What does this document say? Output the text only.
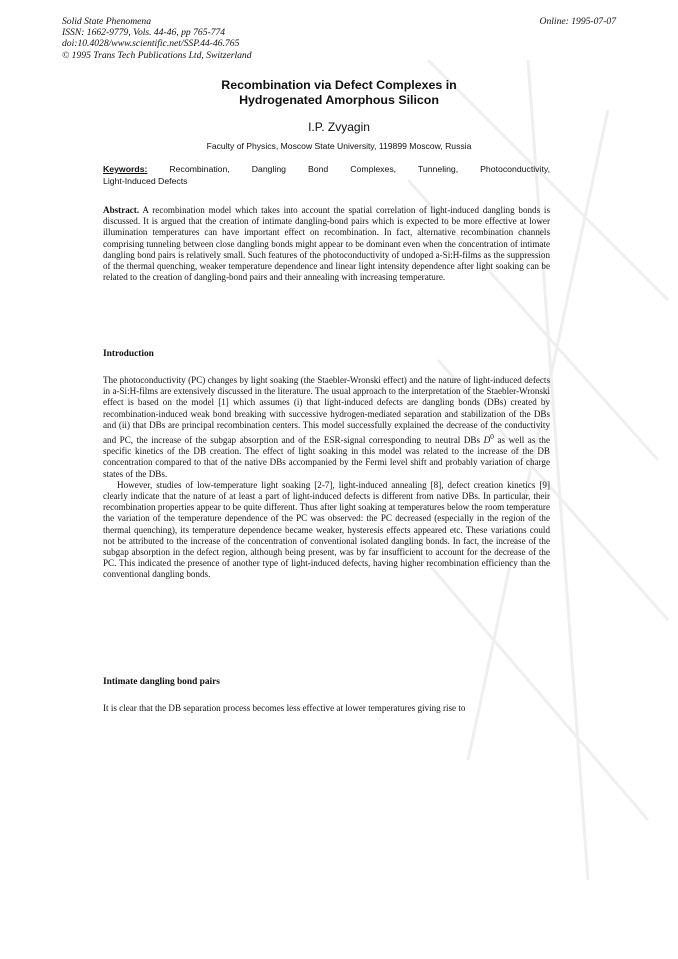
Solid State Phenomena
ISSN: 1662-9779, Vols. 44-46, pp 765-774
doi:10.4028/www.scientific.net/SSP.44-46.765
© 1995 Trans Tech Publications Ltd, Switzerland
Online: 1995-07-07
Recombination via Defect Complexes in
Hydrogenated Amorphous Silicon
I.P. Zvyagin
Faculty of Physics, Moscow State University, 119899 Moscow, Russia
Keywords:	Recombination, Dangling Bond Complexes, Tunneling, Photoconductivity,
Light-Induced Defects

Abstract. A recombination model which takes into account the spatial correlation of light-induced dangling bonds is discussed. It is argued that the creation of intimate dangling-bond pairs which is expected to be more effective at lower illumination temperatures can have important effect on recombination. In fact, alternative recombination channels comprising tunneling between close dangling bonds might appear to be dominant even when the concentration of intimate dangling bond pairs is relatively small. Such features of the photoconductivity of undoped a-Si:H-films as the suppression of the thermal quenching, weaker temperature dependence and linear light intensity dependence after light soaking can be related to the creation of dangling-bond pairs and their annealing with increasing temperature.

Introduction

The photoconductivity (PC) changes by light soaking (the Staebler-Wronski effect) and the nature of light-induced defects in a-Si:H-films are extensively discussed in the literature. The usual approach to the interpretation of the Staebler-Wronski effect is based on the model [1] which assumes (i) that light-induced defects are dangling bonds (DBs) created by recombination-induced weak bond breaking with successive hydrogen-mediated separation and stabilization of the DBs and (ii) that DBs are principal recombination centers. This model successfully explained the decrease of the conductivity and PC, the increase of the subgap absorption and of the ESR-signal corresponding to neutral DBs $D^0$ as well as the specific kinetics of the DB creation. The effect of light soaking in this model was related to the increase of the DB concentration compared to that of the native DBs accompanied by the Fermi level shift and probably variation of charge states of the DBs.

However, studies of low-temperature light soaking [2-7], light-induced annealing [8], defect creation kinetics [9] clearly indicate that the nature of at least a part of light-induced defects is different from native DBs. In particular, their recombination properties appear to be quite different. Thus after light soaking at temperatures below the room temperature the variation of the temperature dependence of the PC was observed: the PC decreased (especially in the region of the thermal quenching), its temperature dependence became weaker, hysteresis effects appeared etc. These variations could not be attributed to the increase of the concentration of conventional isolated dangling bonds. In fact, the increase of the subgap absorption in the defect region, although being present, was by far insufficient to account for the decrease of the PC. This indicated the presence of another type of light-induced defects, having higher recombination efficiency than the conventional dangling bonds.

Intimate dangling bond pairs

It is clear that the DB separation process becomes less effective at lower temperatures giving rise to
